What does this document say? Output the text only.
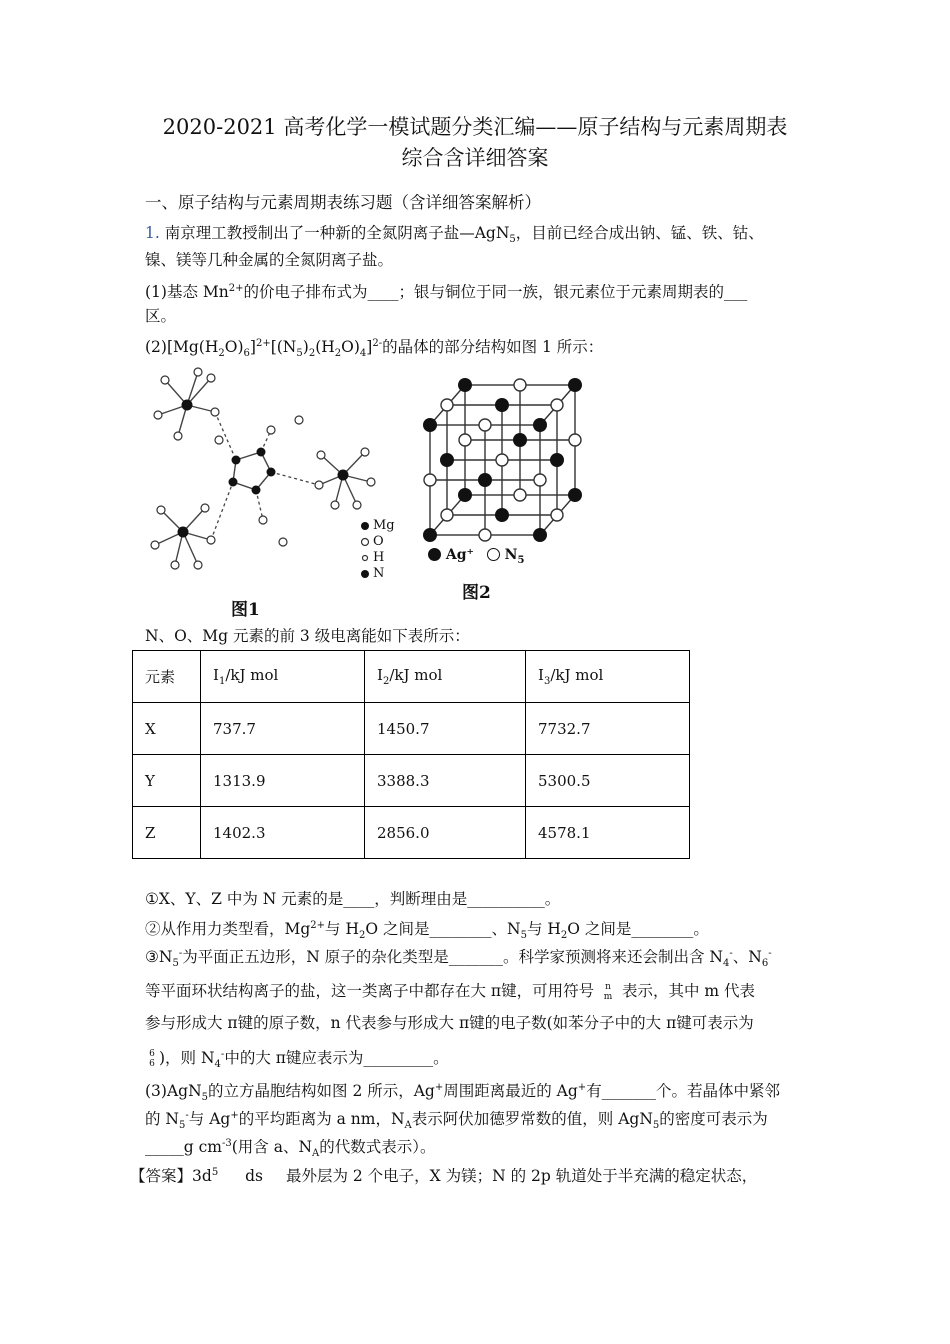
2020-2021 高考化学一模试题分类汇编——原子结构与元素周期表
综合含详细答案
一、原子结构与元素周期表练习题（含详细答案解析）
1. 南京理工教授制出了一种新的全氮阴离子盐—AgN$_5$，目前已经合成出钠、锰、铁、钴、
镍、镁等几种金属的全氮阴离子盐。
(1)基态 $Mn^{2+}$的价电子排布式为____；银与铜位于同一族，银元素位于元素周期表的___
区。
$(2)[Mg(H_2O)_6]^{2+}[(N_5)_2(H_2O)_4]^{2-}$的晶体的部分结构如图 1 所示：
Mg
O
H
N
图1
Ag⁺ $N_5$
图2
N、O、Mg 元素的前 3 级电离能如下表所示：
元素	$I_1/kJ$ mol	$I_2/kJ$ mol	$I_3/kJ$ mol
X	737.7	1450.7	7732.7
Y	1313.9	3388.3	5300.5
Z	1402.3	2856.0	4578.1
①X、Y、Z 中为 N 元素的是____，判断理由是__________。
②从作用力类型看，$Mg^{2+}$与 $H_2O$ 之间是________、$N_5$与 $H_2O$ 之间是________。
$③N_5^-$为平面正五边形，N 原子的杂化类型是_______。科学家预测将来还会制出含 $N_4^-$、$N_6^-$
等平面环状结构离子的盐，这一类离子中都存在大 π键，可用符号 n
m 表示，其中 m 代表
参与形成大 π键的原子数，n 代表参与形成大 π键的电子数(如苯分子中的大 π键可表示为
6
6 )，则 $N_4^-$中的大 π键应表示为_________。
(3)AgN$_5$的立方晶胞结构如图 2 所示，Ag+周围距离最近的 Ag+有_______个。若晶体中紧邻
的 $N_5^-$与 Ag+的平均距离为 a nm，$N_A$表示阿伏加德罗常数的值，则 AgN$_5$的密度可表示为
_____g $cm^{-3}$(用含 a、$N_A$的代数式表示）。
【答案】$3d^5$ ds 最外层为 2 个电子，X 为镁；N 的 2p 轨道处于半充满的稳定状态，
